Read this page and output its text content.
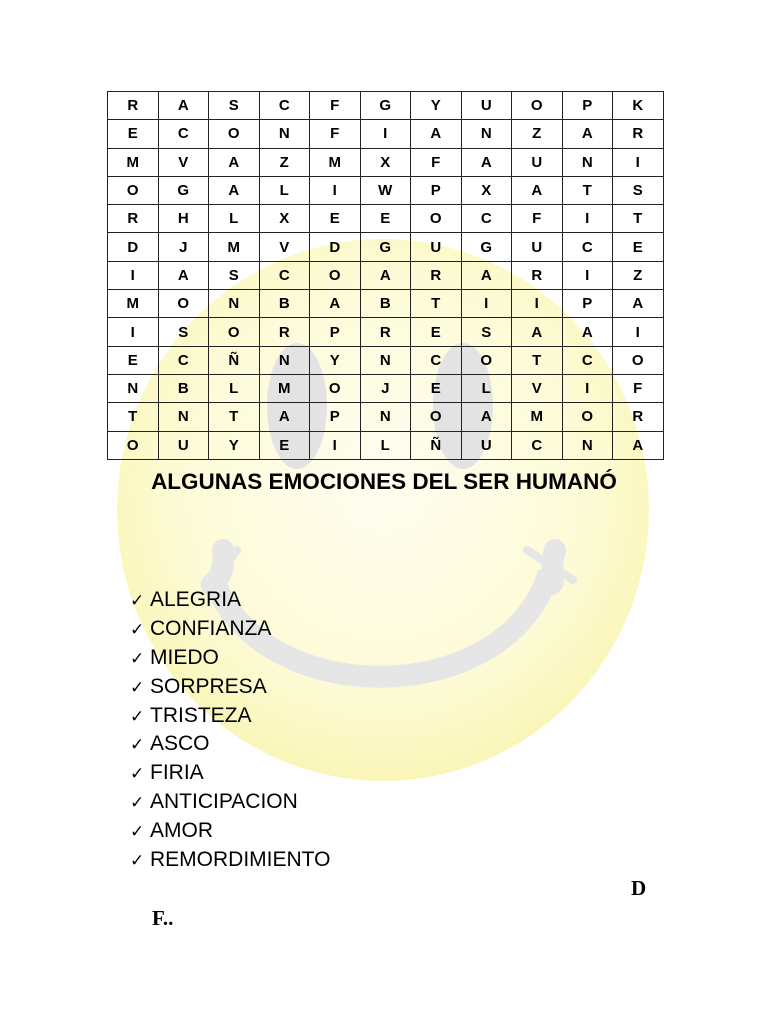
R	A	S	C	F	G	Y	U	O	P	K
E	C	O	N	F	I	A	N	Z	A	R
M	V	A	Z	M	X	F	A	U	N	I
O	G	A	L	I	W	P	X	A	T	S
R	H	L	X	E	E	O	C	F	I	T
D	J	M	V	D	G	U	G	U	C	E
I	A	S	C	O	A	R	A	R	I	Z
M	O	N	B	A	B	T	I	I	P	A
I	S	O	R	P	R	E	S	A	A	I
E	C	Ñ	N	Y	N	C	O	T	C	O
N	B	L	M	O	J	E	L	V	I	F
T	N	T	A	P	N	O	A	M	O	R
O	U	Y	E	I	L	Ñ	U	C	N	A
ALGUNAS EMOCIONES DEL SER HUMANÓ
✓ ALEGRIA
✓ CONFIANZA
✓ MIEDO
✓ SORPRESA
✓ TRISTEZA
✓ ASCO
✓ FIRIA
✓ ANTICIPACION
✓ AMOR
✓ REMORDIMIENTO
D
F..
